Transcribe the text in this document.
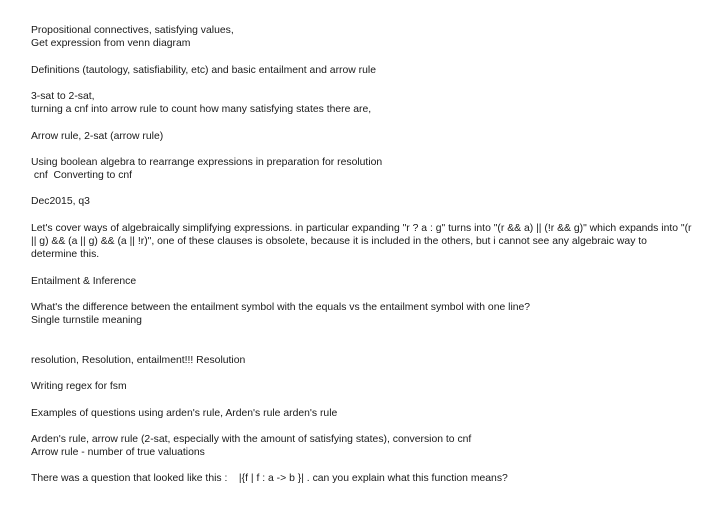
Propositional connectives, satisfying values,
Get expression from venn diagram
Definitions (tautology, satisfiability, etc) and basic entailment and arrow rule
3-sat to 2-sat,
turning a cnf into arrow rule to count how many satisfying states there are,
Arrow rule, 2-sat (arrow rule)
Using boolean algebra to rearrange expressions in preparation for resolution
cnf  Converting to cnf
Dec2015, q3
Let's cover ways of algebraically simplifying expressions. in particular expanding "r ? a : g" turns into "(r && a) || (!r && g)" which expands into "(r || g) && (a || g) && (a || !r)", one of these clauses is obsolete, because it is included in the others, but i cannot see any algebraic way to determine this.
Entailment & Inference
What's the difference between the entailment symbol with the equals vs the entailment symbol with one line?
Single turnstile meaning
resolution, Resolution, entailment!!! Resolution
Writing regex for fsm
Examples of questions using arden's rule, Arden's rule arden's rule
Arden's rule, arrow rule (2-sat, especially with the amount of satisfying states), conversion to cnf
Arrow rule - number of true valuations
There was a question that looked like this :    |{f | f : a -> b }| . can you explain what this function means?
